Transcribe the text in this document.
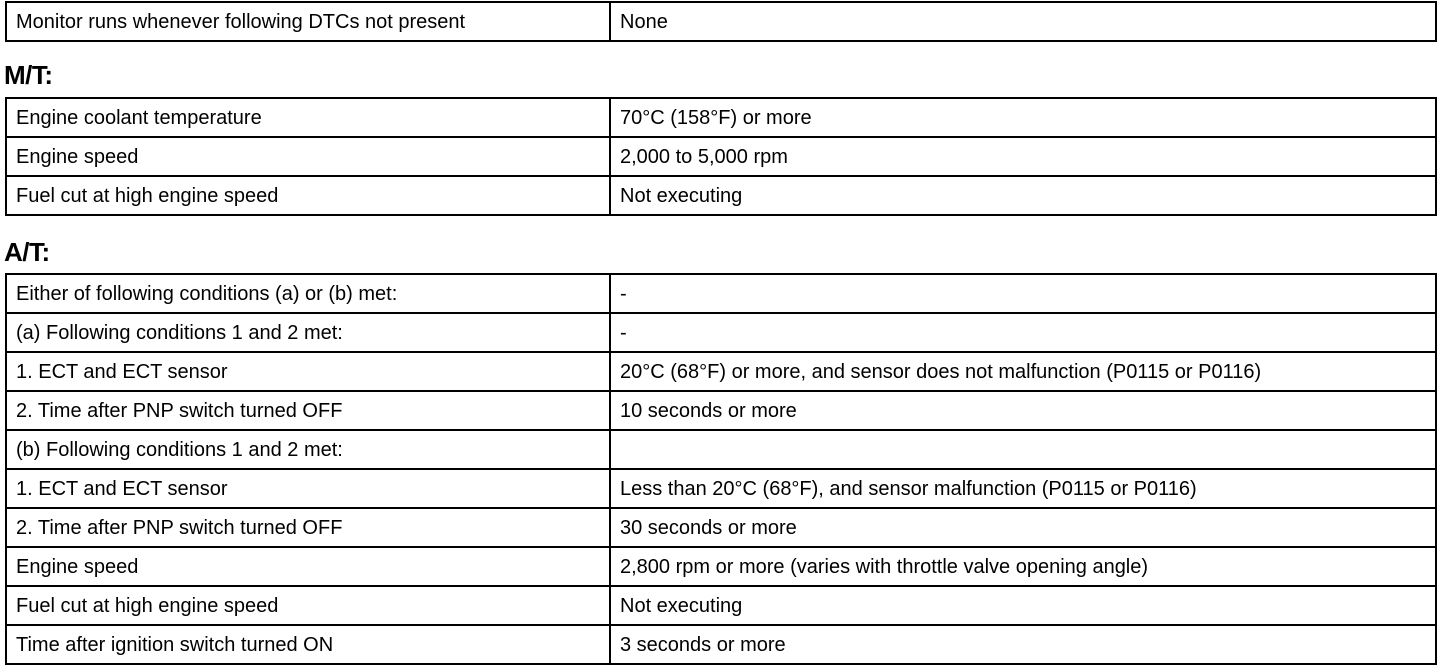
Monitor runs whenever following DTCs not present	None
M/T:
Engine coolant temperature	70°C (158°F) or more
Engine speed	2,000 to 5,000 rpm
Fuel cut at high engine speed	Not executing
A/T:
Either of following conditions (a) or (b) met:	-
(a) Following conditions 1 and 2 met:	-
1. ECT and ECT sensor	20°C (68°F) or more, and sensor does not malfunction (P0115 or P0116)
2. Time after PNP switch turned OFF	10 seconds or more
(b) Following conditions 1 and 2 met:	
1. ECT and ECT sensor	Less than 20°C (68°F), and sensor malfunction (P0115 or P0116)
2. Time after PNP switch turned OFF	30 seconds or more
Engine speed	2,800 rpm or more (varies with throttle valve opening angle)
Fuel cut at high engine speed	Not executing
Time after ignition switch turned ON	3 seconds or more
